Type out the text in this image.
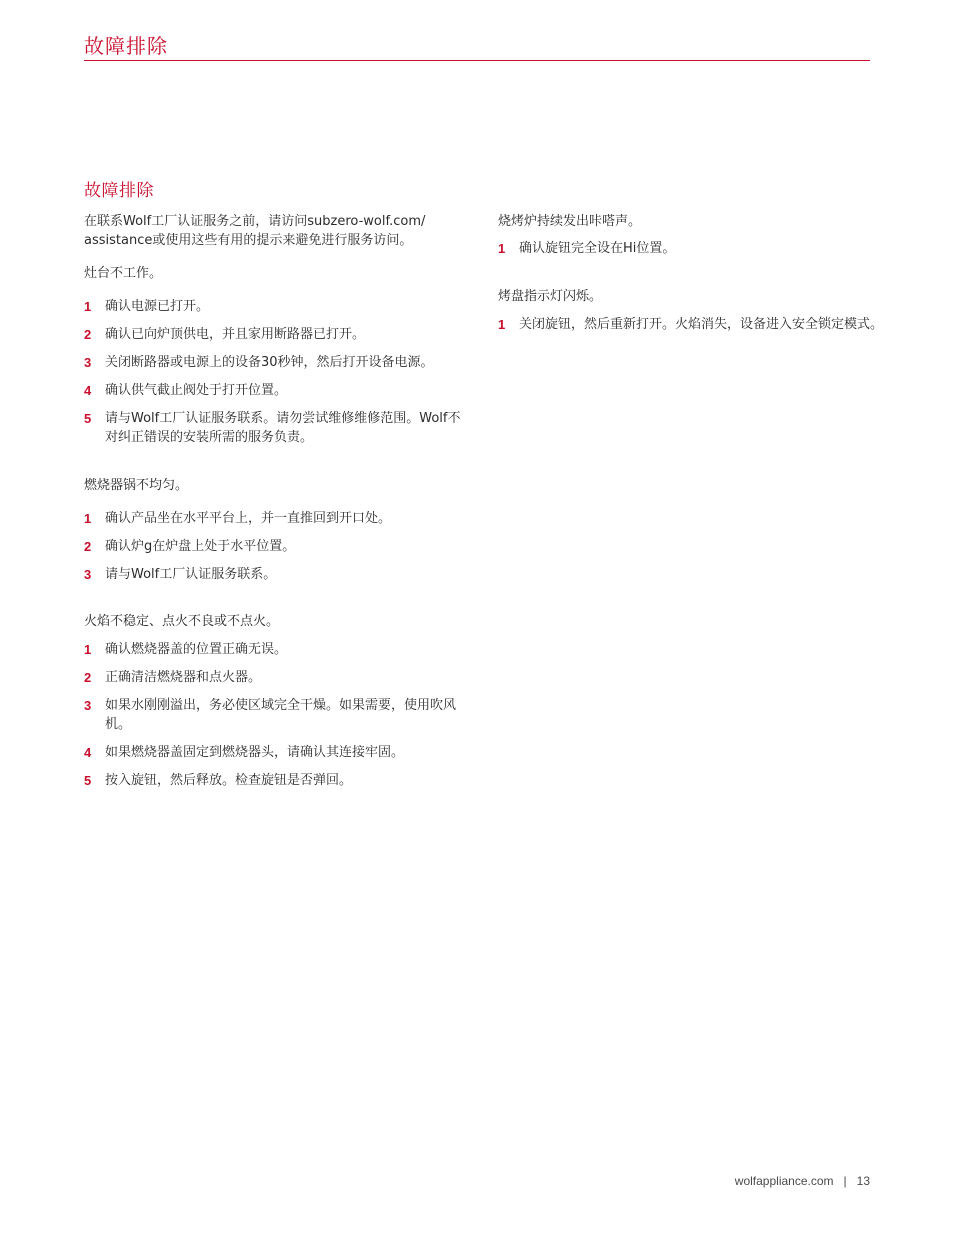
故障排除
故障排除

在联系Wolf工厂认证服务之前，请访问subzero-wolf.com/ assistance或使用这些有用的提示来避免进行服务访问。

灶台不工作。

1 确认电源已打开。
2 确认已向炉顶供电，并且家用断路器已打开。
3 关闭断路器或电源上的设备30秒钟，然后打开设备电源。
4 确认供气截止阀处于打开位置。
5 请与Wolf工厂认证服务联系。请勿尝试维修维修范围。Wolf不对纠正错误的安装所需的服务负责。

燃烧器锅不均匀。

1 确认产品坐在水平平台上，并一直推回到开口处。
2 确认炉g在炉盘上处于水平位置。
3 请与Wolf工厂认证服务联系。

火焰不稳定、点火不良或不点火。

1 确认燃烧器盖的位置正确无误。
2 正确清洁燃烧器和点火器。
3 如果水刚刚溢出，务必使区域完全干燥。如果需要，使用吹风机。
4 如果燃烧器盖固定到燃烧器头，请确认其连接牢固。
5 按入旋钮，然后释放。检查旋钮是否弹回。

烧烤炉持续发出咔嗒声。

1 确认旋钮完全设在Hi位置。

烤盘指示灯闪烁。

1 关闭旋钮，然后重新打开。火焰消失，设备进入安全锁定模式。
wolfappliance.com | 13
